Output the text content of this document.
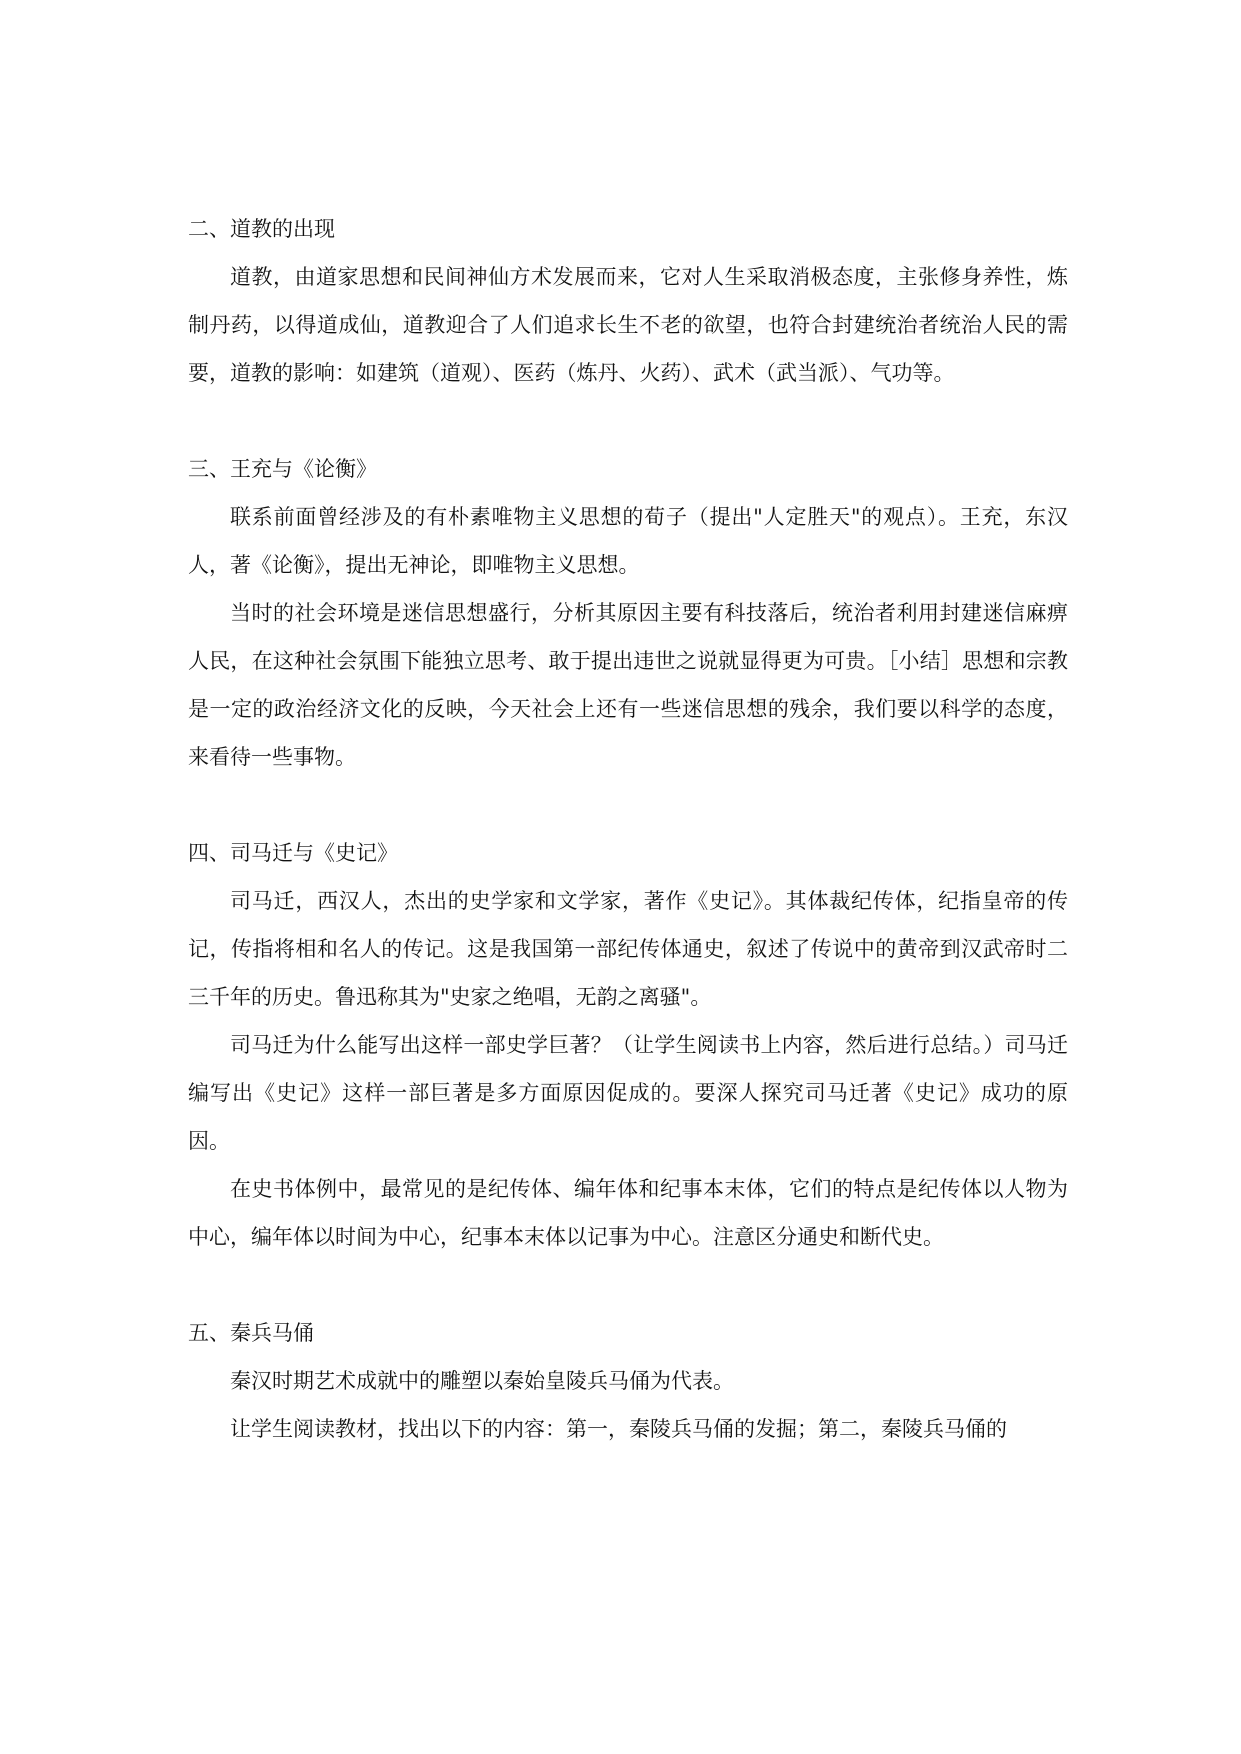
二、道教的出现

道教，由道家思想和民间神仙方术发展而来，它对人生采取消极态度，主张修身养性，炼制丹药，以得道成仙，道教迎合了人们追求长生不老的欲望，也符合封建统治者统治人民的需要，道教的影响：如建筑（道观）、医药（炼丹、火药）、武术（武当派）、气功等。

三、王充与《论衡》

联系前面曾经涉及的有朴素唯物主义思想的荀子（提出"人定胜天"的观点）。王充，东汉人，著《论衡》，提出无神论，即唯物主义思想。

当时的社会环境是迷信思想盛行，分析其原因主要有科技落后，统治者利用封建迷信麻痹人民，在这种社会氛围下能独立思考、敢于提出违世之说就显得更为可贵。［小结］思想和宗教是一定的政治经济文化的反映，今天社会上还有一些迷信思想的残余，我们要以科学的态度，来看待一些事物。

四、司马迁与《史记》

司马迁，西汉人，杰出的史学家和文学家，著作《史记》。其体裁纪传体，纪指皇帝的传记，传指将相和名人的传记。这是我国第一部纪传体通史，叙述了传说中的黄帝到汉武帝时二三千年的历史。鲁迅称其为"史家之绝唱，无韵之离骚"。

司马迁为什么能写出这样一部史学巨著？（让学生阅读书上内容，然后进行总结。）司马迁编写出《史记》这样一部巨著是多方面原因促成的。要深人探究司马迁著《史记》成功的原因。

在史书体例中，最常见的是纪传体、编年体和纪事本末体，它们的特点是纪传体以人物为中心，编年体以时间为中心，纪事本末体以记事为中心。注意区分通史和断代史。

五、秦兵马俑

秦汉时期艺术成就中的雕塑以秦始皇陵兵马俑为代表。

让学生阅读教材，找出以下的内容：第一，秦陵兵马俑的发掘；第二，秦陵兵马俑的
